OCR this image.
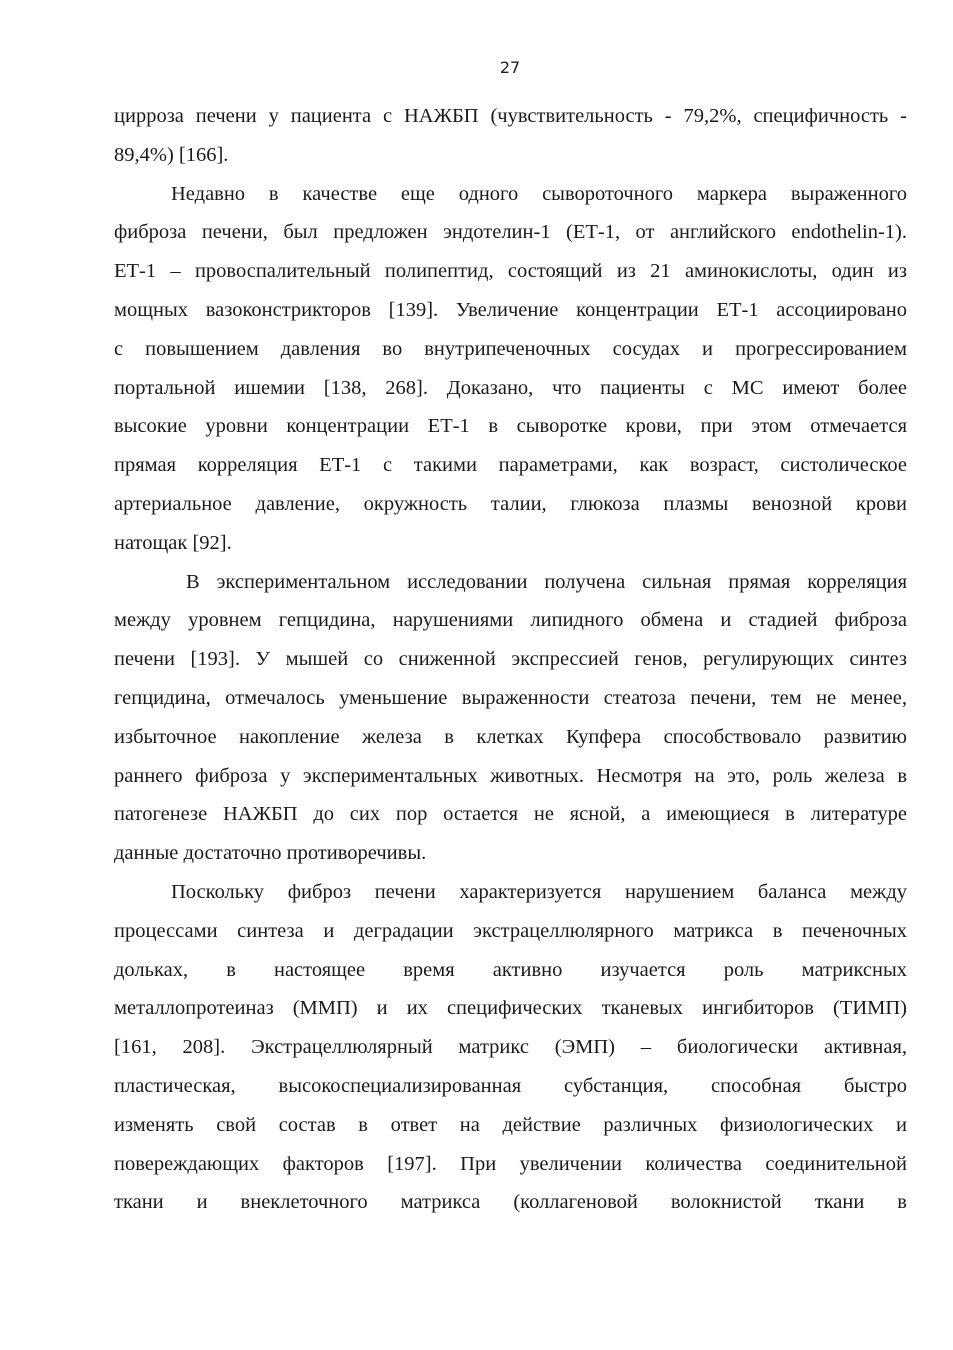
27
цирроза печени у пациента с НАЖБП (чувствительность - 79,2%, специфичность -
89,4%) [166].
Недавно в качестве еще одного сывороточного маркера выраженного
фиброза печени, был предложен эндотелин-1 (ЕТ-1, от английского endothelin-1).
ЕТ-1 – провоспалительный полипептид, состоящий из 21 аминокислоты, один из
мощных вазоконстрикторов [139]. Увеличение концентрации ЕТ-1 ассоциировано
с повышением давления во внутрипеченочных сосудах и прогрессированием
портальной ишемии [138, 268]. Доказано, что пациенты с МС имеют более
высокие уровни концентрации ЕТ-1 в сыворотке крови, при этом отмечается
прямая корреляция ЕТ-1 с такими параметрами, как возраст, систолическое
артериальное давление, окружность талии, глюкоза плазмы венозной крови
натощак [92].
В экспериментальном исследовании получена сильная прямая корреляция
между уровнем гепцидина, нарушениями липидного обмена и стадией фиброза
печени [193]. У мышей со сниженной экспрессией генов, регулирующих синтез
гепцидина, отмечалось уменьшение выраженности стеатоза печени, тем не менее,
избыточное накопление железа в клетках Купфера способствовало развитию
раннего фиброза у экспериментальных животных. Несмотря на это, роль железа в
патогенезе НАЖБП до сих пор остается не ясной, а имеющиеся в литературе
данные достаточно противоречивы.
Поскольку фиброз печени характеризуется нарушением баланса между
процессами синтеза и деградации экстрацеллюлярного матрикса в печеночных
дольках, в настоящее время активно изучается роль матриксных
металлопротеиназ (ММП) и их специфических тканевых ингибиторов (ТИМП)
[161, 208]. Экстрацеллюлярный матрикс (ЭМП) – биологически активная,
пластическая, высокоспециализированная субстанция, способная быстро
изменять свой состав в ответ на действие различных физиологических и
повереждающих факторов [197]. При увеличении количества соединительной
ткани и внеклеточного матрикса (коллагеновой волокнистой ткани в
